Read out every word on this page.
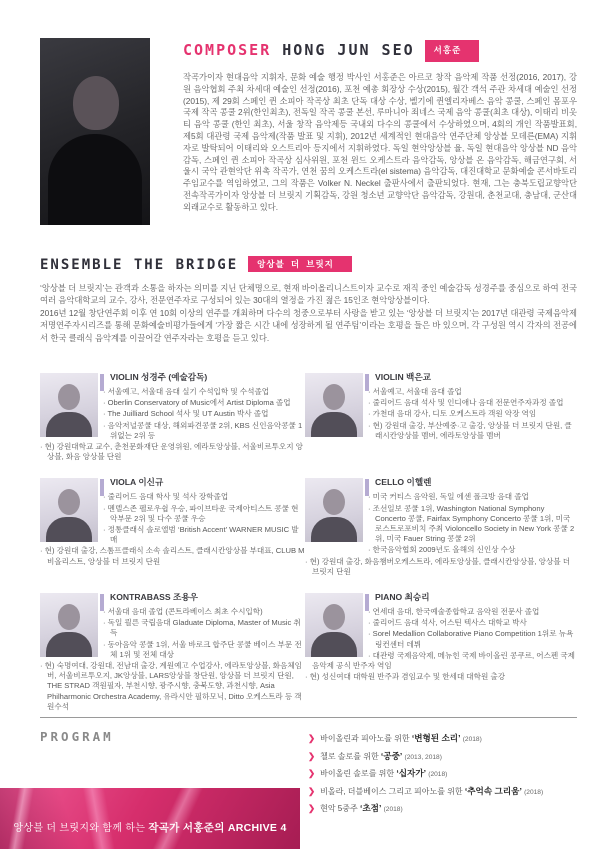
COMPOSER HONG JUN SEO 서홍준

작곡가이자 현대음악 지휘자, 문화 예술 행정 박사인 서홍준은 아르코 창작 음악제 작품 선정(2016, 2017), 강원 음악협회 주최 차세대 예술인 선정(2016), 포천 예총 회장상 수상(2015), 월간 객석 주관 차세대 예술인 선정(2015), 제 29회 스페인 퀸 소피아 작곡상 최초 단독 대상 수상, 벨기에 퀸엘리자베스 음악 콩쿨, 스페인 몸포우 국제 작곡 콩쿨 2위(한인최초), 전독일 작곡 콩쿨 본선, 루마니아 죄네스 국제 음악 콩쿨(최초 대상), 이태리 비옷티 음악 콩쿨 (한인 최초), 서울 창작 음악제등 국내외 다수의 콩쿨에서 수상하였으며, 4회의 개인 작품발표회, 제5회 대관령 국제 음악제(작품 발표 및 지휘), 2012년 세계적인 현대음악 연주단체 앙상블 모데른(EMA) 지휘자로 발탁되어 이태리와 오스트리아 등지에서 지휘하였다. 독일 현악앙상블 율, 독일 현대음악 앙상블 ND 음악감독, 스페인 퀸 소피아 작곡상 심사위원, 포천 윈드 오케스트라 음악감독, 앙상블 온 음악감독, 해금연구회, 서울시 국악 관현악단 위촉 작곡가, 연천 꿈의 오케스트라(el sistema) 음악감독, 대진대학교 문화예술 콘서바토리 주임교수를 역임하였고, 그의 작품은 Volker N. Neckel 출판사에서 출판되었다. 현재, 그는 충북도립교향악단 전속작곡가이자 앙상블 더 브릿지 기획감독, 강원 청소년 교향악단 음악감독, 강원대, 춘천교대, 충남대, 군산대 외래교수로 활동하고 있다.

ENSEMBLE THE BRIDGE 앙상블 더 브릿지

‘앙상블 더 브릿지’는 관객과 소통을 하자는 의미를 지닌 단체명으로, 현재 바이올리니스트이자 교수로 재직 중인 예술감독 성경주를 중심으로 하여 전국 여러 음악대학교의 교수, 강사, 전문연주자로 구성되어 있는 30대의 열정을 가진 젊은 15인조 현악앙상블이다.

2016년 12월 창단연주회 이후 연 10회 이상의 연주를 개최하며 다수의 청중으로부터 사랑을 받고 있는 ‘앙상블 더 브릿지’는 2017년 대관령 국제음악제 저명연주자시리즈를 통해 문화예술비평가들에게 ‘가장 짧은 시간 내에 성장하게 될 연주팀’이라는 호평을 들은 바 있으며, 각 구성원 역시 각자의 전공에서 한국 클래식 음악계를 이끌어갈 연주자라는 호평을 듣고 있다.

VIOLIN 성경주 (예술감독)
· 서울예고, 서울대 음대 실기 수석입학 및 수석졸업
· Oberlin Conservatory of Music에서 Artist Diploma 졸업
· The Juilliard School 석사 및 UT Austin 박사 졸업
· 음악저널콩쿨 대상, 해외파견콩쿨 2위, KBS 신인음악콩쿨 1위없는 2위 등
· 현) 강원대학교 교수, 춘천문화재단 운영위원, 에라토앙상블, 서울비르투오지 앙상블, 화음 앙상블 단원
VIOLIN 백은교
· 서울예고, 서울대 음대 졸업
· 줄리어드 음대 석사 및 인디애나 음대 전문연주자과정 졸업
· 가천대 음대 강사, 디토 오케스트라 객원 악장 역임
· 현) 강원대 출강, 부산예중·고 출강, 앙상블 더 브릿지 단원, 클래시칸앙상블 멤버, 에라토앙상블 멤버
VIOLA 이신규
· 줄리어드 음대 학사 및 석사 장학졸업
· 멘델스존 펠로우쉽 우승, 파이브타운 국제아티스트 콩쿨 현악부문 2위 및 다수 콩쿨 우승
· 정통클래식 솔로앨범 ‘British Accent’ WARNER MUSIC 발매
· 현) 강원대 출강, 스톰프클래식 소속 솔리스트, 클래시칸앙상블 부대표, CLUB M 비올리스트, 앙상블 더 브릿지 단원
CELLO 이헬렌
· 미국 커티스 음악원, 독일 에센 폴크방 음대 졸업
· 조선일보 콩쿨 1위, Washington National Symphony Concerto 콩쿨, Fairfax Symphony Concerto 콩쿨 1위, 미국 로스트로포비치 주최 Violoncello Society in New York 콩쿨 2위, 미국 Fauer String 콩쿨 2위
· 한국음악협회 2009년도 올해의 신인상 수상
· 현) 강원대 출강, 화음챔버오케스트라, 에라토앙상블, 클래시칸앙상블, 앙상블 더 브릿지 단원
KONTRABASS 조용우
· 서울대 음대 졸업 (콘트라베이스 최초 수시입학)
· 독일 쾰른 국립음대 Gladuate Diploma, Master of Music 취득
· 동아음악 콩쿨 1위, 서울 바로크 합주단 콩쿨 베이스 부문 전체 1위 및 전체 대상
· 현) 숙명여대, 강원대, 전남대 출강, 계원예고 수업강사, 에라토앙상블, 화음체임버, 서울비르투오지, JK앙상블, LARS앙상블 창단원, 앙상블 더 브릿지 단원, THE STRAD 객원필자, 부천시향, 광주시향, 충북도향, 과천시향, Asia Philharmonic Orchestra Academy, 유라시안 필하모닉, Ditto 오케스트라 등 객원수석
PIANO 최승리
· 연세대 음대, 한국예술종합학교 음악원 전문사 졸업
· 줄리어드 음대 석사, 어스틴 텍사스 대학교 박사
· Sorel Medallion Collaborative Piano Competition 1위로 뉴욕 링컨센터 데뷔
· 대관령 국제음악제, 메뉴힌 국제 바이올린 콩쿠르, 어스펜 국제음악제 공식 반주자 역임
· 현) 성신여대 대학원 반주과 겸임교수 및 한세대 대학원 출강
PROGRAM	❯ 바이올린과 피아노를 위한 ‘변형된 소리’ (2018)
❯ 첼로 솔로를 위한 ‘공중’ (2013, 2018)
❯ 바이올린 솔로를 위한 ‘십자가’ (2018)
❯ 비올라, 더블베이스 그리고 피아노를 위한 ‘추억속 그리움’ (2018)
❯ 현악 5중주 ‘초점’ (2018)
앙상블 더 브릿지와 함께 하는 작곡가 서홍준의 ARCHIVE 4
